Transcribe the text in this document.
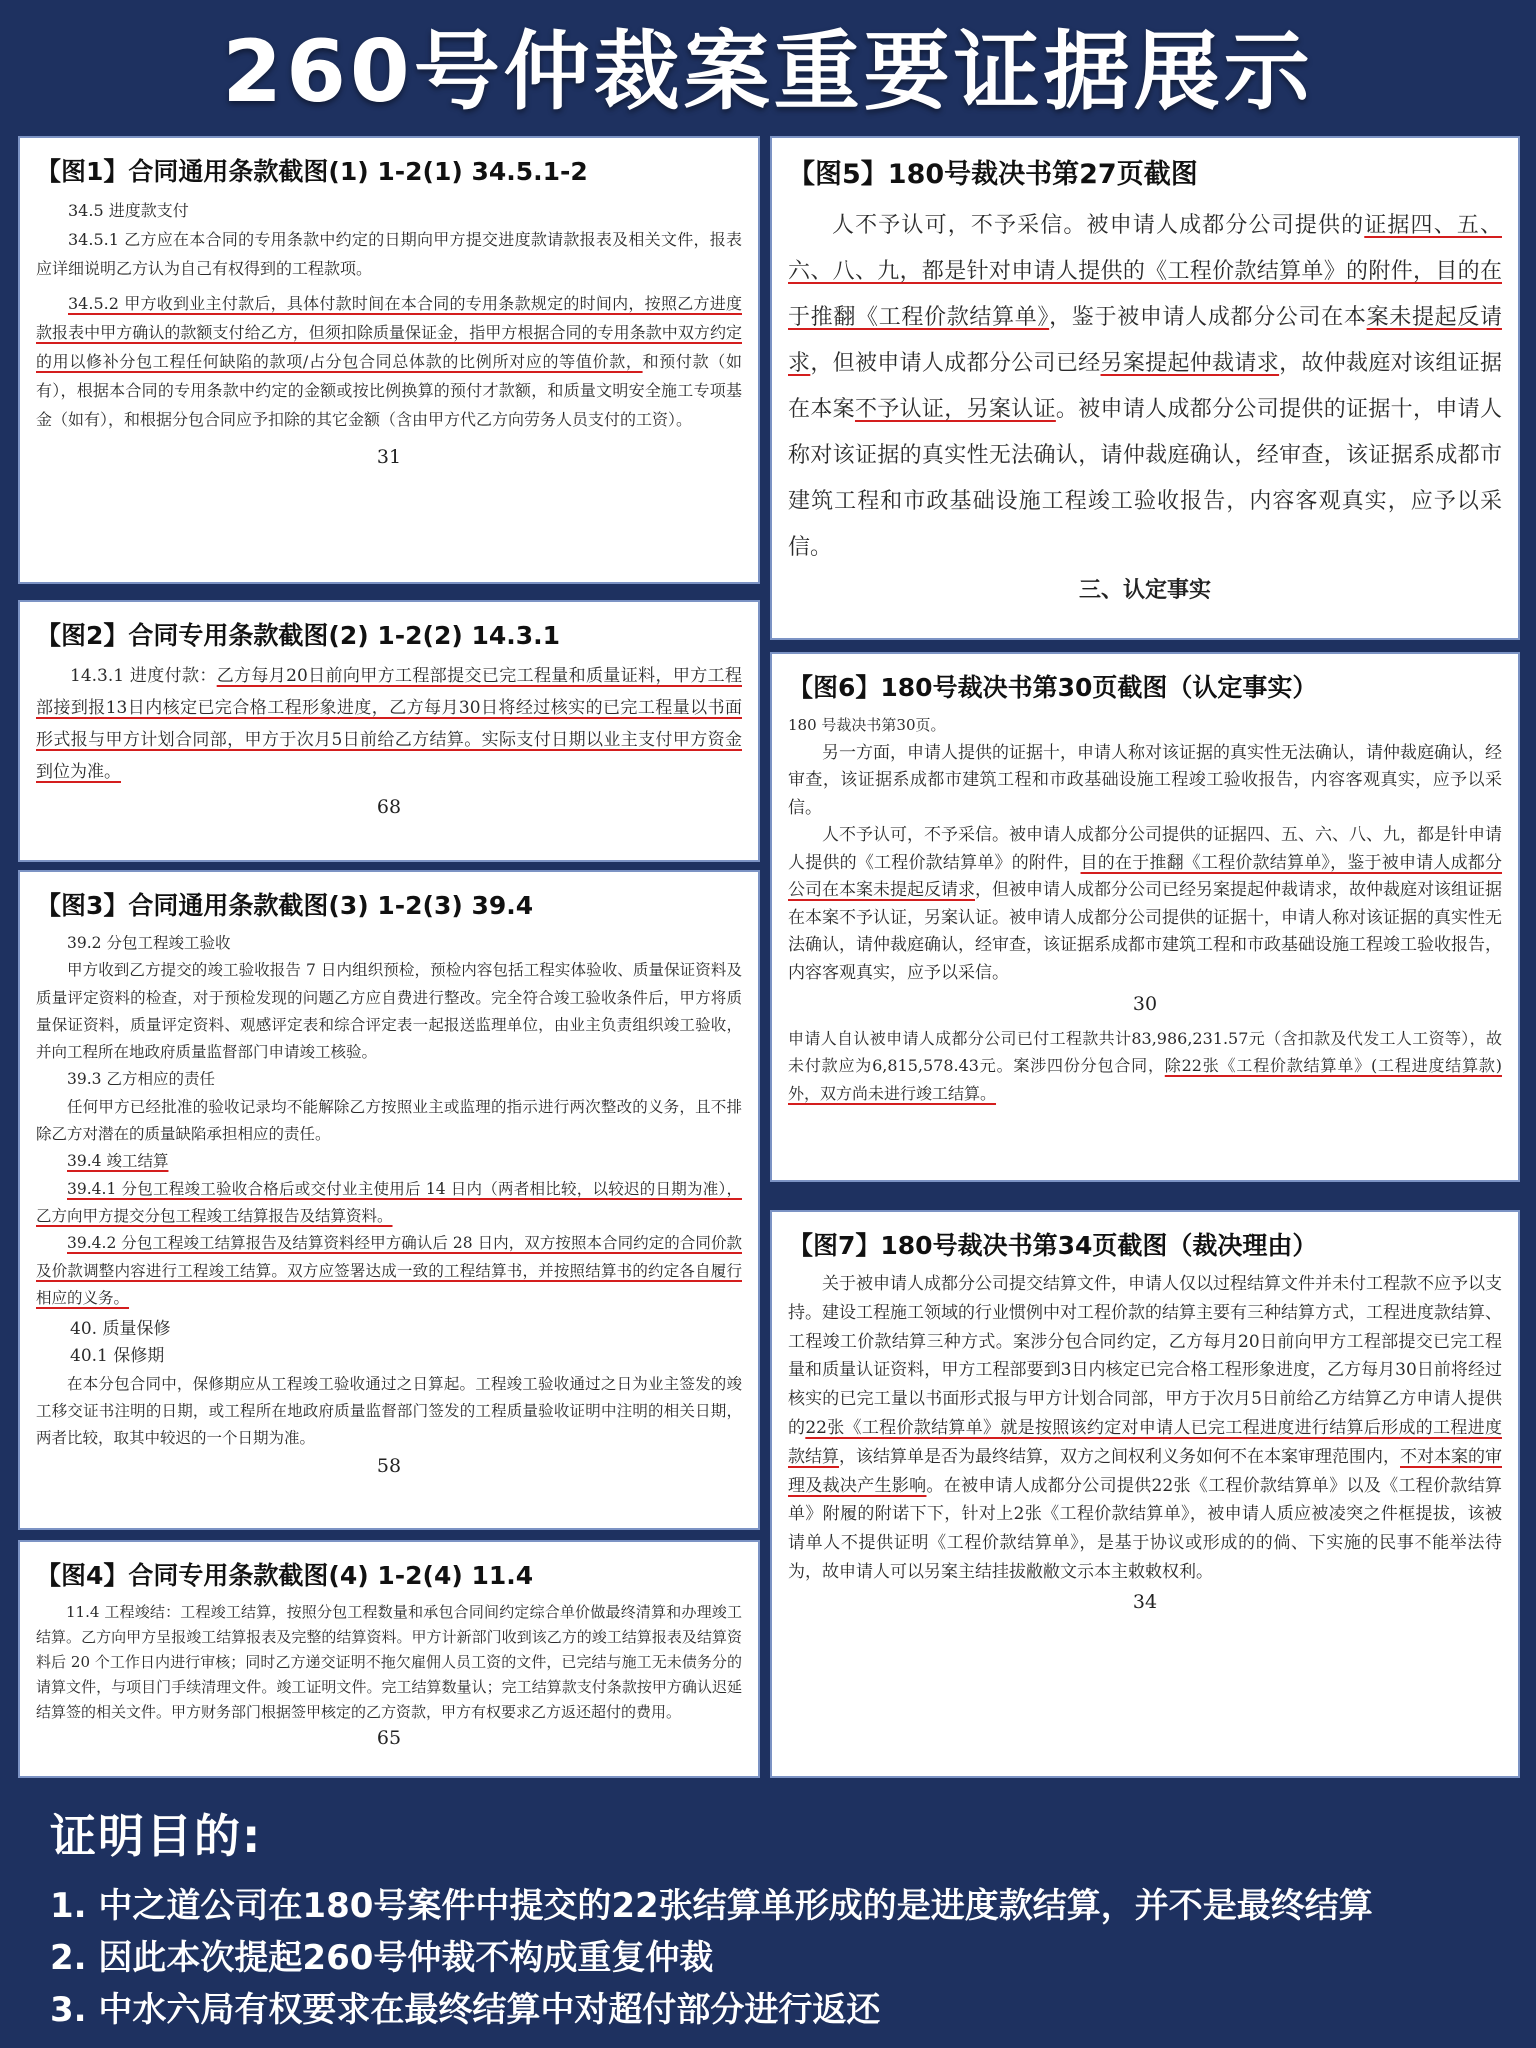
260号仲裁案重要证据展示
【图1】合同通用条款截图(1) 1-2(1) 34.5.1-2

34.5 进度款支付

34.5.1 乙方应在本合同的专用条款中约定的日期向甲方提交进度款请款报表及相关文件，报表应详细说明乙方认为自己有权得到的工程款项。

34.5.2 甲方收到业主付款后，具体付款时间在本合同的专用条款规定的时间内，按照乙方进度款报表中甲方确认的款额支付给乙方，但须扣除质量保证金，指甲方根据合同的专用条款中双方约定的用以修补分包工程任何缺陷的款项/占分包合同总体款的比例所对应的等值价款，和预付款（如有），根据本合同的专用条款中约定的金额或按比例换算的预付才款额，和质量文明安全施工专项基金（如有），和根据分包合同应予扣除的其它金额（含由甲方代乙方向劳务人员支付的工资）。

31
【图2】合同专用条款截图(2) 1-2(2) 14.3.1

14.3.1 进度付款：乙方每月20日前向甲方工程部提交已完工程量和质量证料，甲方工程部接到报13日内核定已完合格工程形象进度，乙方每月30日将经过核实的已完工程量以书面形式报与甲方计划合同部，甲方于次月5日前给乙方结算。实际支付日期以业主支付甲方资金到位为准。

68
【图3】合同通用条款截图(3) 1-2(3) 39.4

39.2 分包工程竣工验收

甲方收到乙方提交的竣工验收报告 7 日内组织预检，预检内容包括工程实体验收、质量保证资料及质量评定资料的检查，对于预检发现的问题乙方应自费进行整改。完全符合竣工验收条件后，甲方将质量保证资料，质量评定资料、观感评定表和综合评定表一起报送监理单位，由业主负责组织竣工验收，并向工程所在地政府质量监督部门申请竣工核验。

39.3 乙方相应的责任

任何甲方已经批准的验收记录均不能解除乙方按照业主或监理的指示进行两次整改的义务，且不排除乙方对潜在的质量缺陷承担相应的责任。

39.4 竣工结算

39.4.1 分包工程竣工验收合格后或交付业主使用后 14 日内（两者相比较，以较迟的日期为准），乙方向甲方提交分包工程竣工结算报告及结算资料。

39.4.2 分包工程竣工结算报告及结算资料经甲方确认后 28 日内，双方按照本合同约定的合同价款及价款调整内容进行工程竣工结算。双方应签署达成一致的工程结算书，并按照结算书的约定各自履行相应的义务。

40. 质量保修

40.1 保修期

在本分包合同中，保修期应从工程竣工验收通过之日算起。工程竣工验收通过之日为业主签发的竣工移交证书注明的日期，或工程所在地政府质量监督部门签发的工程质量验收证明中注明的相关日期，两者比较，取其中较迟的一个日期为准。

58
【图4】合同专用条款截图(4) 1-2(4) 11.4

11.4 工程竣结：工程竣工结算，按照分包工程数量和承包合同间约定综合单价做最终清算和办理竣工结算。乙方向甲方呈报竣工结算报表及完整的结算资料。甲方计新部门收到该乙方的竣工结算报表及结算资料后 20 个工作日内进行审核；同时乙方递交证明不拖欠雇佣人员工资的文件，已完结与施工无未债务分的请算文件，与项目门手续清理文件。竣工证明文件。完工结算数量认；完工结算款支付条款按甲方确认迟延结算签的相关文件。甲方财务部门根据签甲核定的乙方资款，甲方有权要求乙方返还超付的费用。

65
【图5】180号裁决书第27页截图

人不予认可，不予采信。被申请人成都分公司提供的证据四、五、六、八、九，都是针对申请人提供的《工程价款结算单》的附件，目的在于推翻《工程价款结算单》，鉴于被申请人成都分公司在本案未提起反请求，但被申请人成都分公司已经另案提起仲裁请求，故仲裁庭对该组证据在本案不予认证，另案认证。被申请人成都分公司提供的证据十，申请人称对该证据的真实性无法确认，请仲裁庭确认，经审查，该证据系成都市建筑工程和市政基础设施工程竣工验收报告，内容客观真实，应予以采信。

三、认定事实
【图6】180号裁决书第30页截图（认定事实）

180 号裁决书第30页。

另一方面，申请人提供的证据十，申请人称对该证据的真实性无法确认，请仲裁庭确认，经审查，该证据系成都市建筑工程和市政基础设施工程竣工验收报告，内容客观真实，应予以采信。

人不予认可，不予采信。被申请人成都分公司提供的证据四、五、六、八、九，都是针申请人提供的《工程价款结算单》的附件，目的在于推翻《工程价款结算单》，鉴于被申请人成都分公司在本案未提起反请求，但被申请人成都分公司已经另案提起仲裁请求，故仲裁庭对该组证据在本案不予认证，另案认证。被申请人成都分公司提供的证据十，申请人称对该证据的真实性无法确认，请仲裁庭确认，经审查，该证据系成都市建筑工程和市政基础设施工程竣工验收报告，内容客观真实，应予以采信。

30

申请人自认被申请人成都分公司已付工程款共计83,986,231.57元（含扣款及代发工人工资等），故未付款应为6,815,578.43元。案涉四份分包合同，除22张《工程价款结算单》(工程进度结算款)外，双方尚未进行竣工结算。

【图7】180号裁决书第34页截图（裁决理由）

关于被申请人成都分公司提交结算文件，申请人仅以过程结算文件并未付工程款不应予以支持。建设工程施工领域的行业惯例中对工程价款的结算主要有三种结算方式，工程进度款结算、工程竣工价款结算三种方式。案涉分包合同约定，乙方每月20日前向甲方工程部提交已完工程量和质量认证资料，甲方工程部要到3日内核定已完合格工程形象进度，乙方每月30日前将经过核实的已完工量以书面形式报与甲方计划合同部，甲方于次月5日前给乙方结算乙方申请人提供的22张《工程价款结算单》就是按照该约定对申请人已完工程进度进行结算后形成的工程进度款结算，该结算单是否为最终结算，双方之间权利义务如何不在本案审理范围内，不对本案的审理及裁决产生影响。在被申请人成都分公司提供22张《工程价款结算单》以及《工程价款结算单》附履的附诺下下，针对上2张《工程价款结算单》，被申请人质应被凌突之件框提拔，该被请单人不提供证明《工程价款结算单》，是基于协议或形成的的倘、下实施的民事不能举法待为，故申请人可以另案主结挂拔敝敝文示本主敕敕权利。

34
证明目的:
1. 中之道公司在180号案件中提交的22张结算单形成的是进度款结算，并不是最终结算
2. 因此本次提起260号仲裁不构成重复仲裁
3. 中水六局有权要求在最终结算中对超付部分进行返还
